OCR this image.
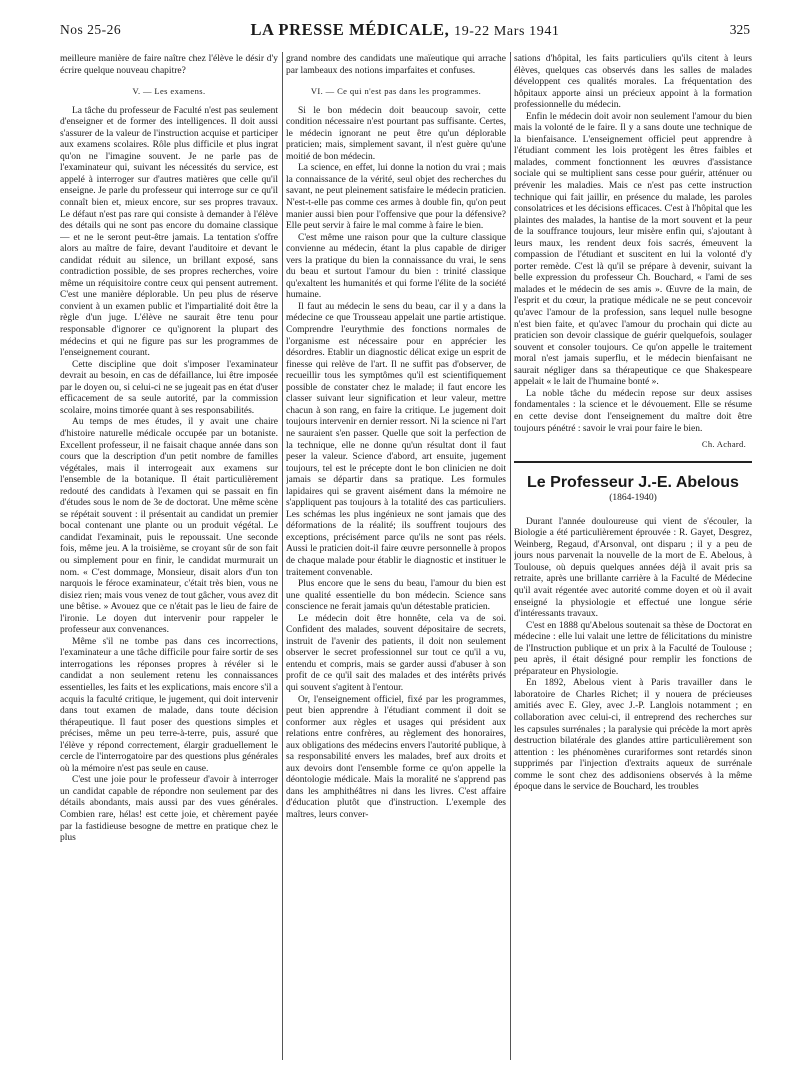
Nos 25-26	LA PRESSE MÉDICALE, 19-22 Mars 1941	325

meilleure manière de faire naître chez l'élève le désir d'y écrire quelque nouveau chapitre?

V. — Les examens.

La tâche du professeur de Faculté n'est pas seulement d'enseigner et de former des intelligences. Il doit aussi s'assurer de la valeur de l'instruction acquise et participer aux examens scolaires. Rôle plus difficile et plus ingrat qu'on ne l'imagine souvent. Je ne parle pas de l'examinateur qui, suivant les nécessités du service, est appelé à interroger sur d'autres matières que celle qu'il enseigne. Je parle du professeur qui interroge sur ce qu'il connaît bien et, mieux encore, sur ses propres travaux. Le défaut n'est pas rare qui consiste à demander à l'élève des détails qui ne sont pas encore du domaine classique — et ne le seront peut-être jamais. La tentation s'offre alors au maître de faire, devant l'auditoire et devant le candidat réduit au silence, un brillant exposé, sans contradiction possible, de ses propres recherches, voire même un réquisitoire contre ceux qui pensent autrement. C'est une manière déplorable. Un peu plus de réserve convient à un examen public et l'impartialité doit être la règle d'un juge. L'élève ne saurait être tenu pour responsable d'ignorer ce qu'ignorent la plupart des médecins et qui ne figure pas sur les programmes de l'enseignement courant.

Cette discipline que doit s'imposer l'examinateur devrait au besoin, en cas de défaillance, lui être imposée par le doyen ou, si celui-ci ne se jugeait pas en état d'user efficacement de sa seule autorité, par la commission scolaire, moins timorée quant à ses responsabilités.

Au temps de mes études, il y avait une chaire d'histoire naturelle médicale occupée par un botaniste. Excellent professeur, il ne faisait chaque année dans son cours que la description d'un petit nombre de familles végétales, mais il interrogeait aux examens sur l'ensemble de la botanique. Il était particulièrement redouté des candidats à l'examen qui se passait en fin d'études sous le nom de 3e de doctorat. Une même scène se répétait souvent : il présentait au candidat un premier bocal contenant une plante ou un produit végétal. Le candidat l'examinait, puis le repoussait. Une seconde fois, même jeu. A la troisième, se croyant sûr de son fait ou simplement pour en finir, le candidat murmurait un nom. « C'est dommage, Monsieur, disait alors d'un ton narquois le féroce examinateur, c'était très bien, vous ne disiez rien; mais vous venez de tout gâcher, vous avez dit une bêtise. » Avouez que ce n'était pas le lieu de faire de l'ironie. Le doyen dut intervenir pour rappeler le professeur aux convenances.

Même s'il ne tombe pas dans ces incorrections, l'examinateur a une tâche difficile pour faire sortir de ses interrogations les réponses propres à révéler si le candidat a non seulement retenu les connaissances essentielles, les faits et les explications, mais encore s'il a acquis la faculté critique, le jugement, qui doit intervenir dans tout examen de malade, dans toute décision thérapeutique. Il faut poser des questions simples et précises, même un peu terre-à-terre, puis, assuré que l'élève y répond correctement, élargir graduellement le cercle de l'interrogatoire par des questions plus générales où la mémoire n'est pas seule en cause.

C'est une joie pour le professeur d'avoir à interroger un candidat capable de répondre non seulement par des détails abondants, mais aussi par des vues générales. Combien rare, hélas! est cette joie, et chèrement payée par la fastidieuse besogne de mettre en pratique chez le plus

grand nombre des candidats une maïeutique qui arrache par lambeaux des notions imparfaites et confuses.

VI. — Ce qui n'est pas dans les programmes.

Si le bon médecin doit beaucoup savoir, cette condition nécessaire n'est pourtant pas suffisante. Certes, le médecin ignorant ne peut être qu'un déplorable praticien; mais, simplement savant, il n'est guère qu'une moitié de bon médecin.

La science, en effet, lui donne la notion du vrai ; mais la connaissance de la vérité, seul objet des recherches du savant, ne peut pleinement satisfaire le médecin praticien. N'est-t-elle pas comme ces armes à double fin, qu'on peut manier aussi bien pour l'offensive que pour la défensive? Elle peut servir à faire le mal comme à faire le bien.

C'est même une raison pour que la culture classique convienne au médecin, étant la plus capable de diriger vers la pratique du bien la connaissance du vrai, le sens du beau et surtout l'amour du bien : trinité classique qu'exaltent les humanités et qui forme l'élite de la société humaine.

Il faut au médecin le sens du beau, car il y a dans la médecine ce que Trousseau appelait une partie artistique. Comprendre l'eurythmie des fonctions normales de l'organisme est nécessaire pour en apprécier les désordres. Etablir un diagnostic délicat exige un esprit de finesse qui relève de l'art. Il ne suffit pas d'observer, de recueillir tous les symptômes qu'il est scientifiquement possible de constater chez le malade; il faut encore les classer suivant leur signification et leur valeur, mettre chacun à son rang, en faire la critique. Le jugement doit toujours intervenir en dernier ressort. Ni la science ni l'art ne sauraient s'en passer. Quelle que soit la perfection de la technique, elle ne donne qu'un résultat dont il faut peser la valeur. Science d'abord, art ensuite, jugement toujours, tel est le précepte dont le bon clinicien ne doit jamais se départir dans sa pratique. Les formules lapidaires qui se gravent aisément dans la mémoire ne s'appliquent pas toujours à la totalité des cas particuliers. Les schémas les plus ingénieux ne sont jamais que des déformations de la réalité; ils souffrent toujours des exceptions, précisément parce qu'ils ne sont pas réels. Aussi le praticien doit-il faire œuvre personnelle à propos de chaque malade pour établir le diagnostic et instituer le traitement convenable.

Plus encore que le sens du beau, l'amour du bien est une qualité essentielle du bon médecin. Science sans conscience ne ferait jamais qu'un détestable praticien.

Le médecin doit être honnête, cela va de soi. Confident des malades, souvent dépositaire de secrets, instruit de l'avenir des patients, il doit non seulement observer le secret professionnel sur tout ce qu'il a vu, entendu et compris, mais se garder aussi d'abuser à son profit de ce qu'il sait des malades et des intérêts privés qui souvent s'agitent à l'entour.

Or, l'enseignement officiel, fixé par les programmes, peut bien apprendre à l'étudiant comment il doit se conformer aux règles et usages qui président aux relations entre confrères, au règlement des honoraires, aux obligations des médecins envers l'autorité publique, à sa responsabilité envers les malades, bref aux droits et aux devoirs dont l'ensemble forme ce qu'on appelle la déontologie médicale. Mais la moralité ne s'apprend pas dans les amphithéâtres ni dans les livres. C'est affaire d'éducation plutôt que d'instruction. L'exemple des maîtres, leurs conver-

sations d'hôpital, les faits particuliers qu'ils citent à leurs élèves, quelques cas observés dans les salles de malades développent ces qualités morales. La fréquentation des hôpitaux apporte ainsi un précieux appoint à la formation professionnelle du médecin.

Enfin le médecin doit avoir non seulement l'amour du bien mais la volonté de le faire. Il y a sans doute une technique de la bienfaisance. L'enseignement officiel peut apprendre à l'étudiant comment les lois protègent les êtres faibles et malades, comment fonctionnent les œuvres d'assistance sociale qui se multiplient sans cesse pour guérir, atténuer ou prévenir les maladies. Mais ce n'est pas cette instruction technique qui fait jaillir, en présence du malade, les paroles consolatrices et les décisions efficaces. C'est à l'hôpital que les plaintes des malades, la hantise de la mort souvent et la peur de la souffrance toujours, leur misère enfin qui, s'ajoutant à leurs maux, les rendent deux fois sacrés, émeuvent la compassion de l'étudiant et suscitent en lui la volonté d'y porter remède. C'est là qu'il se prépare à devenir, suivant la belle expression du professeur Ch. Bouchard, « l'ami de ses malades et le médecin de ses amis ». Œuvre de la main, de l'esprit et du cœur, la pratique médicale ne se peut concevoir qu'avec l'amour de la profession, sans lequel nulle besogne n'est bien faite, et qu'avec l'amour du prochain qui dicte au praticien son devoir classique de guérir quelquefois, soulager souvent et consoler toujours. Ce qu'on appelle le traitement moral n'est jamais superflu, et le médecin bienfaisant ne saurait négliger dans sa thérapeutique ce que Shakespeare appelait « le lait de l'humaine bonté ».

La noble tâche du médecin repose sur deux assises fondamentales : la science et le dévouement. Elle se résume en cette devise dont l'enseignement du maître doit être toujours pénétré : savoir le vrai pour faire le bien.

Ch. Achard.
Le Professeur J.-E. Abelous
(1864-1940)

Durant l'année douloureuse qui vient de s'écouler, la Biologie a été particulièrement éprouvée : R. Gayet, Desgrez, Weinberg, Regaud, d'Arsonval, ont disparu ; il y a peu de jours nous parvenait la nouvelle de la mort de E. Abelous, à Toulouse, où depuis quelques années déjà il avait pris sa retraite, après une brillante carrière à la Faculté de Médecine qu'il avait régentée avec autorité comme doyen et où il avait enseigné la physiologie et effectué une longue série d'intéressants travaux.

C'est en 1888 qu'Abelous soutenait sa thèse de Doctorat en médecine : elle lui valait une lettre de félicitations du ministre de l'Instruction publique et un prix à la Faculté de Toulouse ; peu après, il était désigné pour remplir les fonctions de préparateur en Physiologie.

En 1892, Abelous vient à Paris travailler dans le laboratoire de Charles Richet; il y nouera de précieuses amitiés avec E. Gley, avec J.-P. Langlois notamment ; en collaboration avec celui-ci, il entreprend des recherches sur les capsules surrénales ; la paralysie qui précède la mort après destruction bilatérale des glandes attire particulièrement son attention : les phénomènes curariformes sont retardés sinon supprimés par l'injection d'extraits aqueux de surrénale comme le sont chez des addisoniens observés à la même époque dans le service de Bouchard, les troubles
